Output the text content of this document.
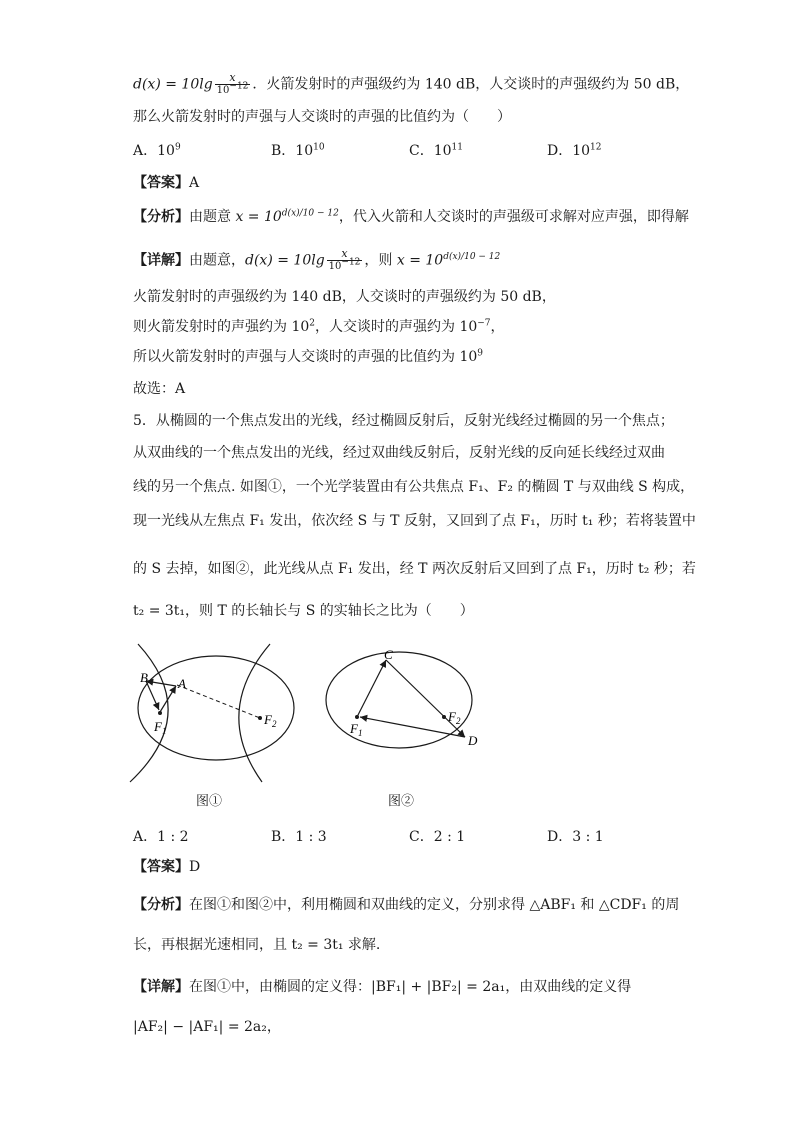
$d(x) = 10\lg \frac{x}{10^{-12}}$ ．火箭发射时的声强级约为 140 dB，人交谈时的声强级约为 50 dB，
那么火箭发射时的声强与人交谈时的声强的比值约为（　　）
A．$10^9$	B．$10^{10}$	C．$10^{11}$	D．$10^{12}$
【答案】A
【分析】由题意 $x = 10^{d(x)/10 - 12}$，代入火箭和人交谈时的声强级可求解对应声强，即得解
【详解】由题意，$d(x) = 10\lg \frac{x}{10^{-12}}$ ，则 $x = 10^{d(x)/10 - 12}$
火箭发射时的声强级约为 140 dB，人交谈时的声强级约为 50 dB，
则火箭发射时的声强约为 $10^2$，人交谈时的声强约为 $10^{-7}$，
所以火箭发射时的声强与人交谈时的声强的比值约为 $10^9$
故选：A
5．从椭圆的一个焦点发出的光线，经过椭圆反射后，反射光线经过椭圆的另一个焦点；
从双曲线的一个焦点发出的光线，经过双曲线反射后，反射光线的反向延长线经过双曲
线的另一个焦点. 如图①，一个光学装置由有公共焦点 F₁、F₂ 的椭圆 T 与双曲线 S 构成，
现一光线从左焦点 F₁ 发出，依次经 S 与 T 反射，又回到了点 F₁，历时 t₁ 秒；若将装置中
的 S 去掉，如图②，此光线从点 F₁ 发出，经 T 两次反射后又回到了点 F₁，历时 t₂ 秒；若
t₂ = 3t₁，则 T 的长轴长与 S 的实轴长之比为（　　）
B A
$F_1$
$F_2$
图①
C
D
$F_1$
$F_2$
图②
A．1 : 2	B．1 : 3	C．2 : 1	D．3 : 1
【答案】D
【分析】在图①和图②中，利用椭圆和双曲线的定义，分别求得 △ABF₁ 和 △CDF₁ 的周
长，再根据光速相同，且 t₂ = 3t₁ 求解.
【详解】在图①中，由椭圆的定义得：|BF₁| + |BF₂| = 2a₁，由双曲线的定义得
|AF₂| − |AF₁| = 2a₂，
